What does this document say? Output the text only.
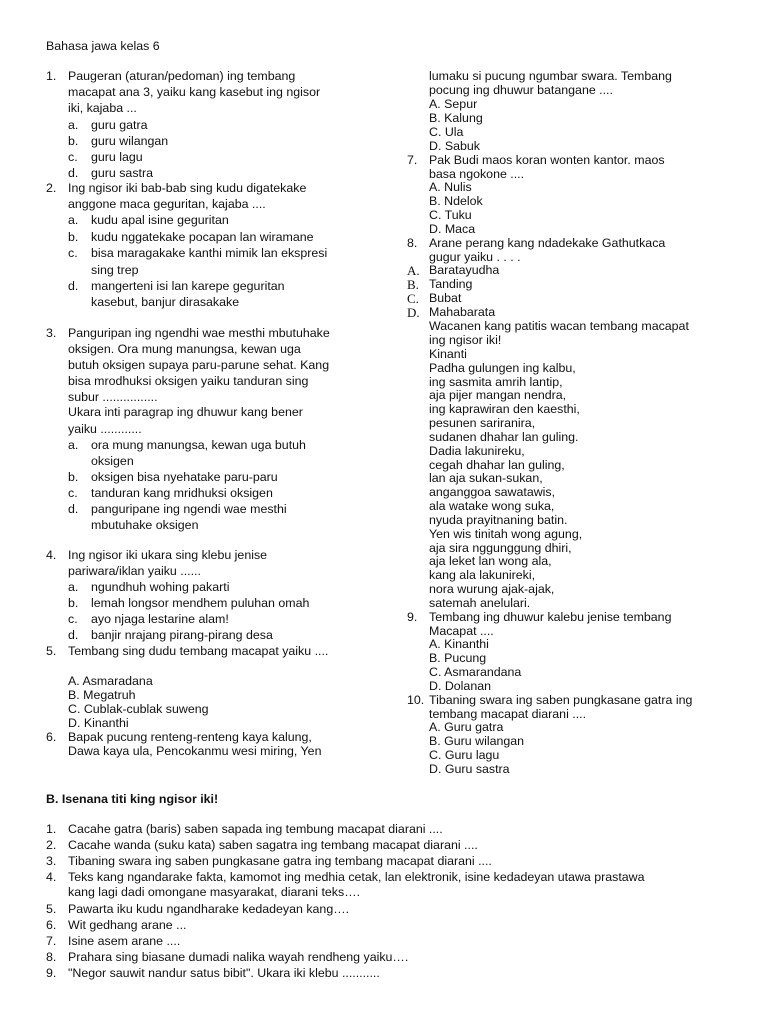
Bahasa jawa kelas 6
1. Paugeran (aturan/pedoman) ing tembang
macapat ana 3, yaiku kang kasebut ing ngisor
iki, kajaba ...
a. guru gatra
b. guru wilangan
c. guru lagu
d. guru sastra
2. Ing ngisor iki bab-bab sing kudu digatekake
anggone maca geguritan, kajaba ....
a. kudu apal isine geguritan
b. kudu nggatekake pocapan lan wiramane
c. bisa maragakake kanthi mimik lan ekspresi
sing trep
d. mangerteni isi lan karepe geguritan
kasebut, banjur dirasakake
3. Panguripan ing ngendhi wae mesthi mbutuhake
oksigen. Ora mung manungsa, kewan uga
butuh oksigen supaya paru-parune sehat. Kang
bisa mrodhuksi oksigen yaiku tanduran sing
subur ................
Ukara inti paragrap ing dhuwur kang bener
yaiku ............
a. ora mung manungsa, kewan uga butuh
oksigen
b. oksigen bisa nyehatake paru-paru
c. tanduran kang mridhuksi oksigen
d. panguripane ing ngendi wae mesthi
mbutuhake oksigen
4. Ing ngisor iki ukara sing klebu jenise
pariwara/iklan yaiku ......
a. ngundhuh wohing pakarti
b. lemah longsor mendhem puluhan omah
c. ayo njaga lestarine alam!
d. banjir nrajang pirang-pirang desa
5. Tembang sing dudu tembang macapat yaiku ....
A. Asmaradana
B. Megatruh
C. Cublak-cublak suweng
D. Kinanthi
6. Bapak pucung renteng-renteng kaya kalung,
Dawa kaya ula, Pencokanmu wesi miring, Yen
lumaku si pucung ngumbar swara. Tembang
pocung ing dhuwur batangane ....
A. Sepur
B. Kalung
C. Ula
D. Sabuk
7. Pak Budi maos koran wonten kantor. maos
basa ngokone ....
A. Nulis
B. Ndelok
C. Tuku
D. Maca
8. Arane perang kang ndadekake Gathutkaca
gugur yaiku . . . .
A. Baratayudha
B. Tanding
C. Bubat
D. Mahabarata
Wacanen kang patitis wacan tembang macapat
ing ngisor iki!
Kinanti
Padha gulungen ing kalbu,
ing sasmita amrih lantip,
aja pijer mangan nendra,
ing kaprawiran den kaesthi,
pesunen sariranira,
sudanen dhahar lan guling.
Dadia lakunireku,
cegah dhahar lan guling,
lan aja sukan-sukan,
anganggoa sawatawis,
ala watake wong suka,
nyuda prayitnaning batin.
Yen wis tinitah wong agung,
aja sira nggunggung dhiri,
aja leket lan wong ala,
kang ala lakunireki,
nora wurung ajak-ajak,
satemah anelulari.
9. Tembang ing dhuwur kalebu jenise tembang
Macapat ....
A. Kinanthi
B. Pucung
C. Asmarandana
D. Dolanan
10. Tibaning swara ing saben pungkasane gatra ing
tembang macapat diarani ....
A. Guru gatra
B. Guru wilangan
C. Guru lagu
D. Guru sastra
B. Isenana titi king ngisor iki!
1. Cacahe gatra (baris) saben sapada ing tembung macapat diarani ....
2. Cacahe wanda (suku kata) saben sagatra ing tembang macapat diarani ....
3. Tibaning swara ing saben pungkasane gatra ing tembang macapat diarani ....
4. Teks kang ngandarake fakta, kamomot ing medhia cetak, lan elektronik, isine kedadeyan utawa prastawa
kang lagi dadi omongane masyarakat, diarani teks….
5. Pawarta iku kudu ngandharake kedadeyan kang….
6. Wit gedhang arane ...
7. Isine asem arane ....
8. Prahara sing biasane dumadi nalika wayah rendheng yaiku….
9. "Negor sauwit nandur satus bibit". Ukara iki klebu ...........
